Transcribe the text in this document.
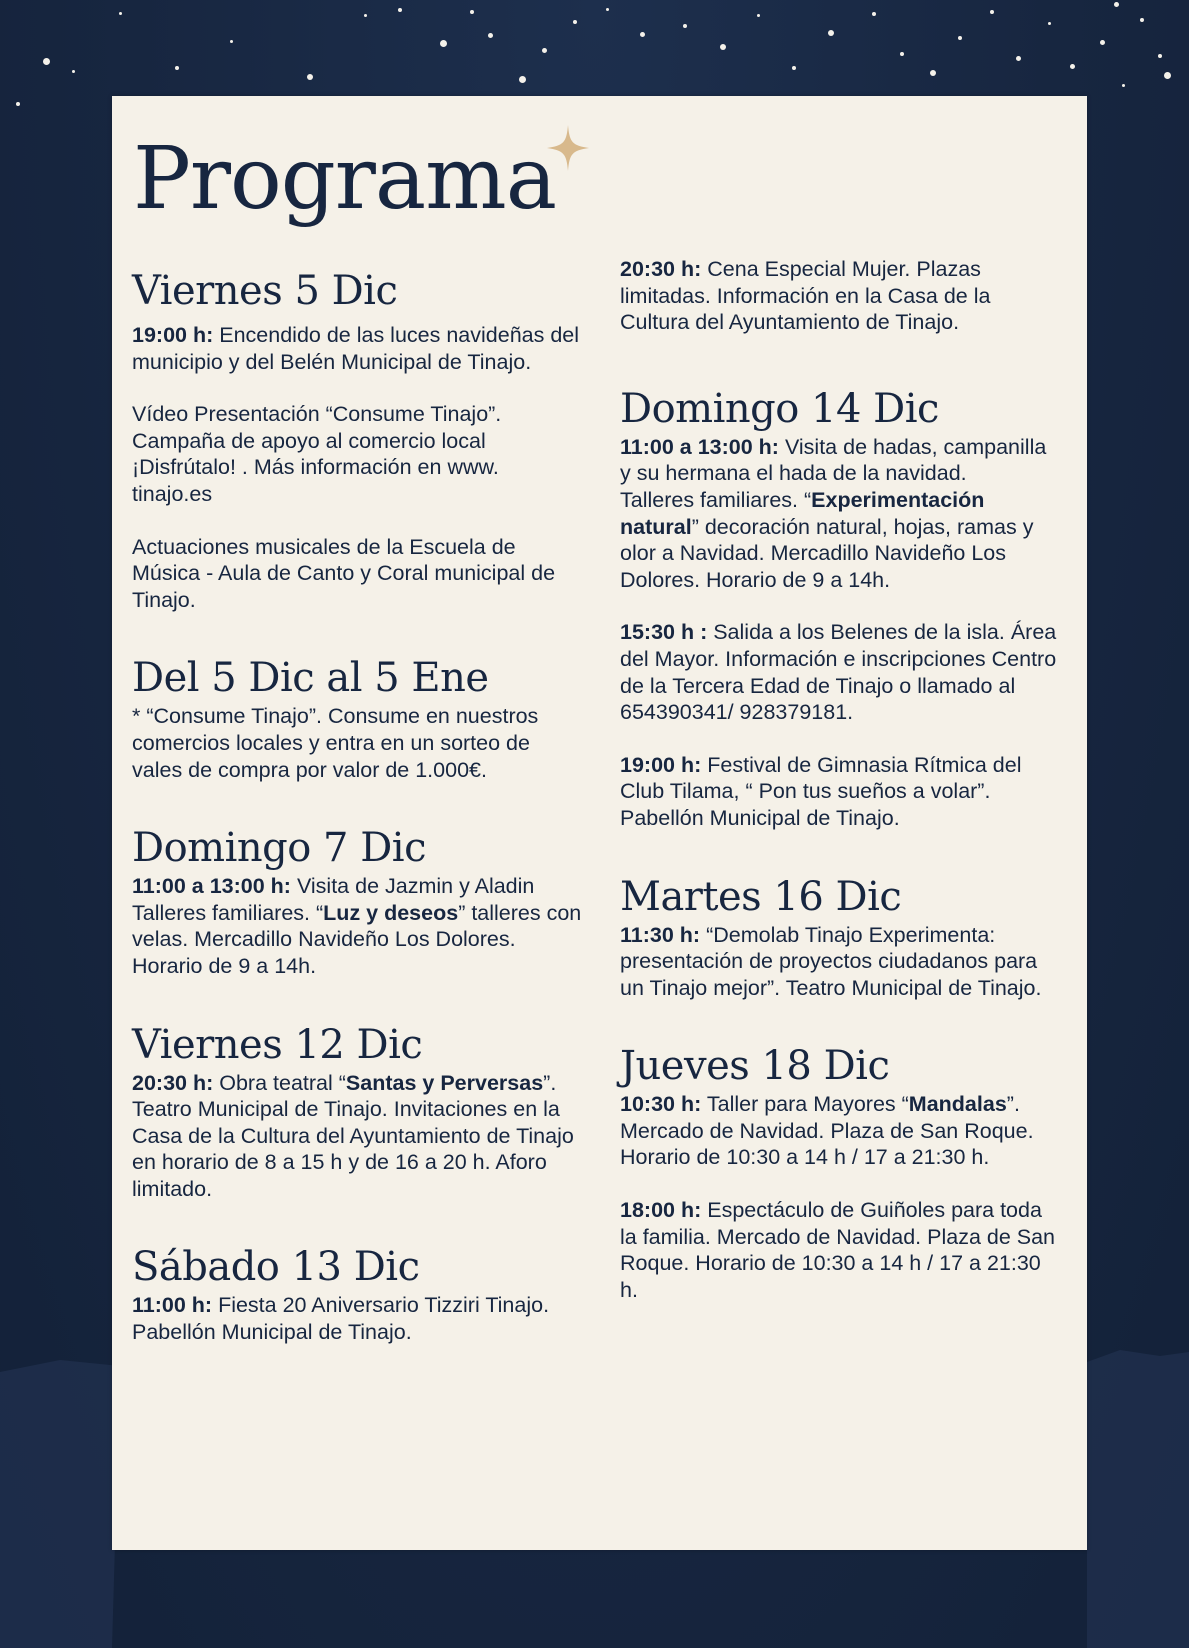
Programa
Viernes 5 Dic

19:00 h: Encendido de las luces navideñas del municipio y del Belén Municipal de Tinajo.

Vídeo Presentación “Consume Tinajo”. Campaña de apoyo al comercio local ¡Disfrútalo! . Más información en www. tinajo.es

Actuaciones musicales de la Escuela de Música - Aula de Canto y Coral municipal de Tinajo.

Del 5 Dic al 5 Ene

* “Consume Tinajo”. Consume en nuestros comercios locales y entra en un sorteo de vales de compra por valor de 1.000€.

Domingo 7 Dic

11:00 a 13:00 h: Visita de Jazmin y Aladin

Talleres familiares. “Luz y deseos” talleres con velas. Mercadillo Navideño Los Dolores. Horario de 9 a 14h.

Viernes 12 Dic

20:30 h: Obra teatral “Santas y Perversas”. Teatro Municipal de Tinajo. Invitaciones en la Casa de la Cultura del Ayuntamiento de Tinajo en horario de 8 a 15 h y de 16 a 20 h. Aforo limitado.

Sábado 13 Dic

11:00 h: Fiesta 20 Aniversario Tizziri Tinajo. Pabellón Municipal de Tinajo.

20:30 h: Cena Especial Mujer. Plazas limitadas. Información en la Casa de la Cultura del Ayuntamiento de Tinajo.

Domingo 14 Dic

11:00 a 13:00 h: Visita de hadas, campanilla y su hermana el hada de la navidad.

Talleres familiares. “Experimentación natural” decoración natural, hojas, ramas y olor a Navidad. Mercadillo Navideño Los Dolores. Horario de 9 a 14h.

15:30 h : Salida a los Belenes de la isla. Área del Mayor. Información e inscripciones Centro de la Tercera Edad de Tinajo o llamado al 654390341/ 928379181.

19:00 h: Festival de Gimnasia Rítmica del Club Tilama, “ Pon tus sueños a volar”. Pabellón Municipal de Tinajo.

Martes 16 Dic

11:30 h: “Demolab Tinajo Experimenta: presentación de proyectos ciudadanos para un Tinajo mejor”. Teatro Municipal de Tinajo.

Jueves 18 Dic

10:30 h: Taller para Mayores “Mandalas”. Mercado de Navidad. Plaza de San Roque. Horario de 10:30 a 14 h / 17 a 21:30 h.

18:00 h: Espectáculo de Guiñoles para toda la familia. Mercado de Navidad. Plaza de San Roque. Horario de 10:30 a 14 h / 17 a 21:30 h.
